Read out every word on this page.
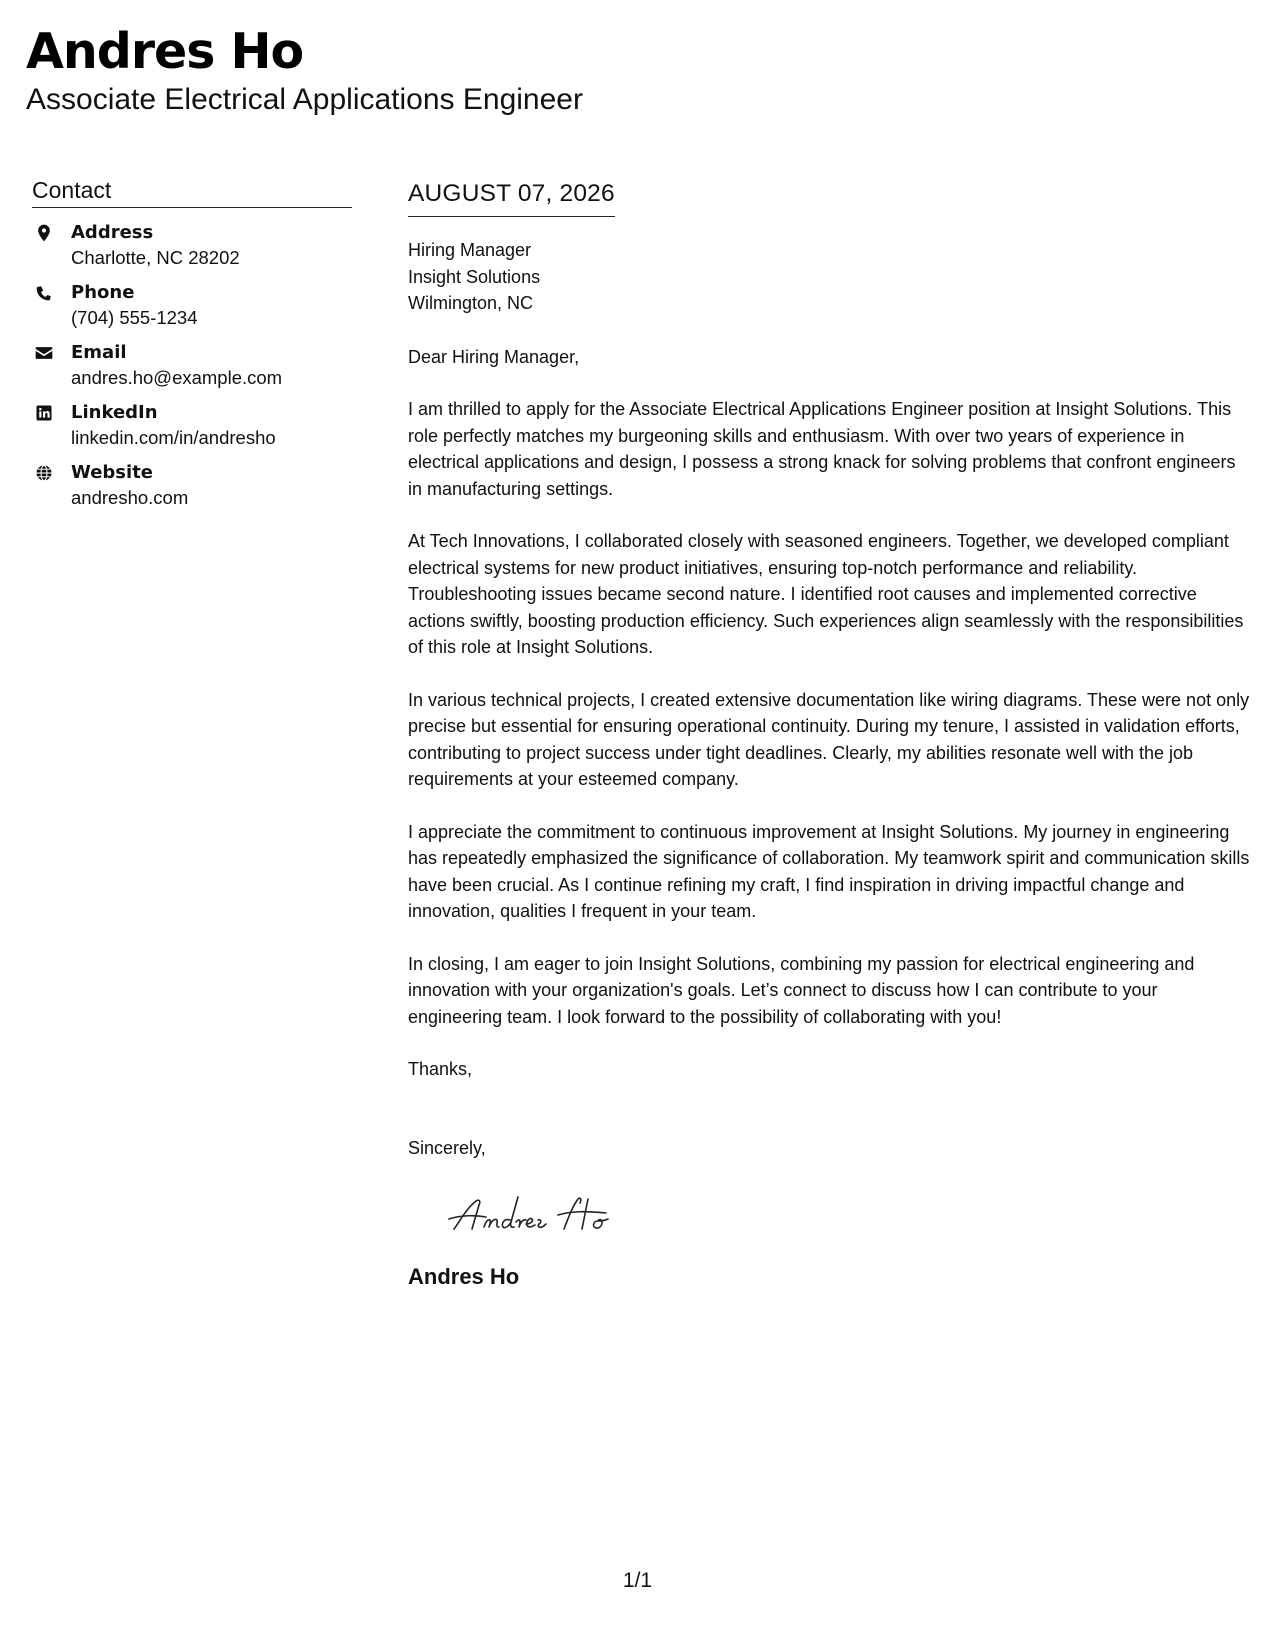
Andres Ho
Associate Electrical Applications Engineer
Contact
Address
Charlotte, NC 28202
Phone
(704) 555-1234
Email
andres.ho@example.com
LinkedIn
linkedin.com/in/andresho
Website
andresho.com
AUGUST 07, 2026
Hiring Manager
Insight Solutions
Wilmington, NC
Dear Hiring Manager,
I am thrilled to apply for the Associate Electrical Applications Engineer position at Insight Solutions. This role perfectly matches my burgeoning skills and enthusiasm. With over two years of experience in electrical applications and design, I possess a strong knack for solving problems that confront engineers in manufacturing settings.
At Tech Innovations, I collaborated closely with seasoned engineers. Together, we developed compliant electrical systems for new product initiatives, ensuring top-notch performance and reliability. Troubleshooting issues became second nature. I identified root causes and implemented corrective actions swiftly, boosting production efficiency. Such experiences align seamlessly with the responsibilities of this role at Insight Solutions.
In various technical projects, I created extensive documentation like wiring diagrams. These were not only precise but essential for ensuring operational continuity. During my tenure, I assisted in validation efforts, contributing to project success under tight deadlines. Clearly, my abilities resonate well with the job requirements at your esteemed company.
I appreciate the commitment to continuous improvement at Insight Solutions. My journey in engineering has repeatedly emphasized the significance of collaboration. My teamwork spirit and communication skills have been crucial. As I continue refining my craft, I find inspiration in driving impactful change and innovation, qualities I frequent in your team.
In closing, I am eager to join Insight Solutions, combining my passion for electrical engineering and innovation with your organization's goals. Let’s connect to discuss how I can contribute to your engineering team. I look forward to the possibility of collaborating with you!
Thanks,
Sincerely,
Andres Ho
1/1
